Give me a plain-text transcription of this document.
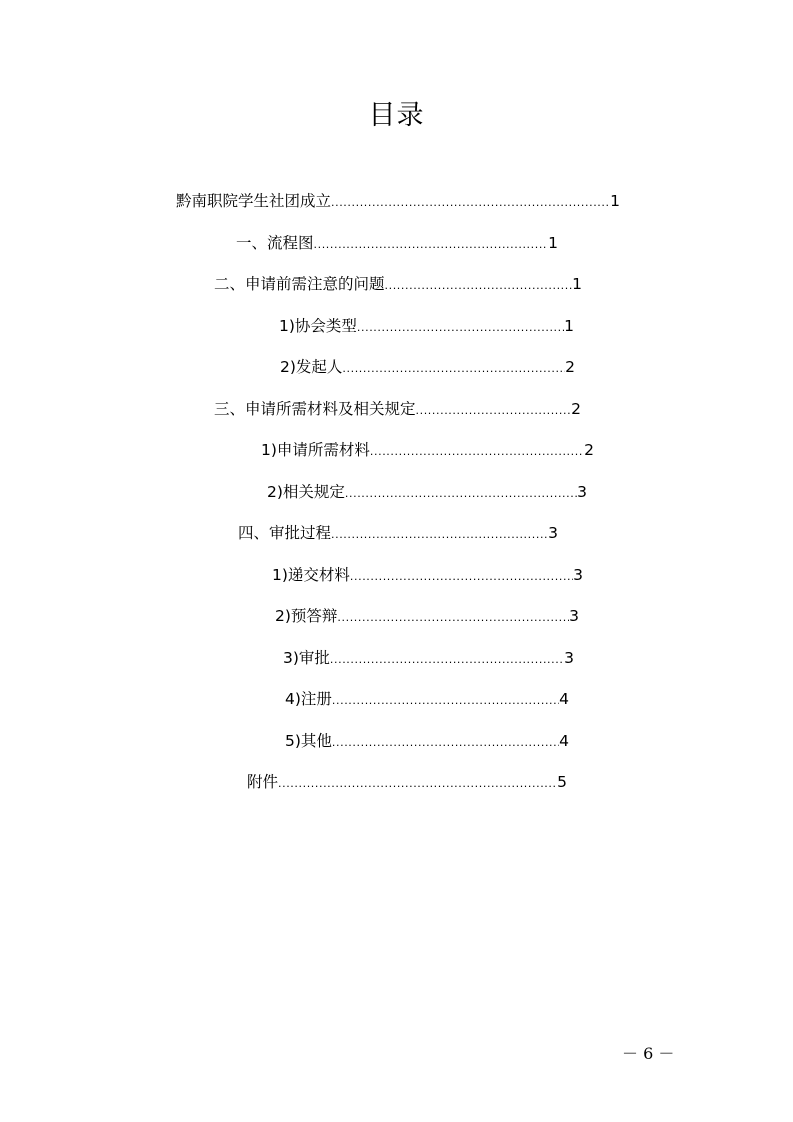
目录
黔南职院学生社团成立 .....	1
一、流程图 .....	1
二、申请前需注意的问题 .....	1
1)协会类型 .....	1
2)发起人 .....	2
三、申请所需材料及相关规定 .....	2
1)申请所需材料 .....	2
2)相关规定 .....	3
四、审批过程 .....	3
1)递交材料 .....	3
2)预答辩 .....	3
3)审批 .....	3
4)注册 .....	4
5)其他 .....	4
附件 .....	5
－ 6 －
